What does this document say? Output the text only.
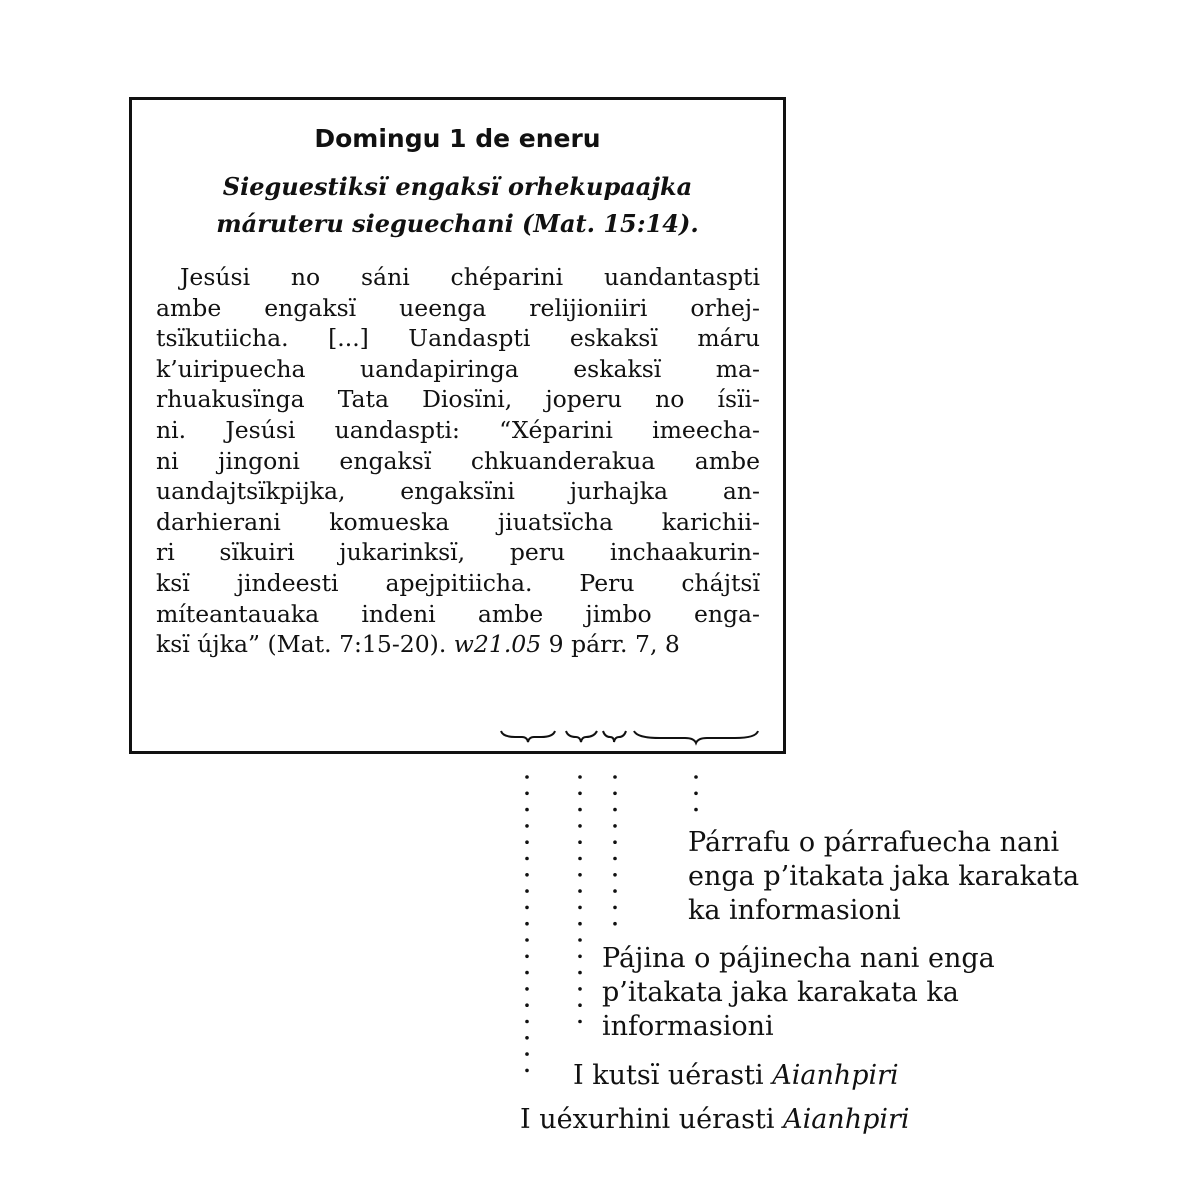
Domingu 1 de eneru
Sieguestiksï engaksï orhekupaajka
máruteru sieguechani (Mat. 15:14).
Jesúsi no sáni chéparini uandantaspti
ambe engaksï ueenga relijioniiri orhej-
tsïkutiicha. [...] Uandaspti eskaksï máru
k’uiripuecha uandapiringa eskaksï ma-
rhuakusïnga Tata Diosïni, joperu no ísïi-
ni. Jesúsi uandaspti: “Xéparini imeecha-
ni jingoni engaksï chkuanderakua ambe
uandajtsïkpijka, engaksïni jurhajka an-
darhierani komueska jiuatsïcha karichii-
ri sïkuiri jukarinksï, peru inchaakurin-
ksï jindeesti apejpitiicha. Peru chájtsï
míteantauaka indeni ambe jimbo enga-
ksï újka” (Mat. 7:15-20). w21.05 9 párr. 7, 8
Párrafu o párrafuecha nani
enga p’itakata jaka karakata
ka informasioni
Pájina o pájinecha nani enga
p’itakata jaka karakata ka
informasioni
I kutsï uérasti Aianhpiri
I uéxurhini uérasti Aianhpiri
